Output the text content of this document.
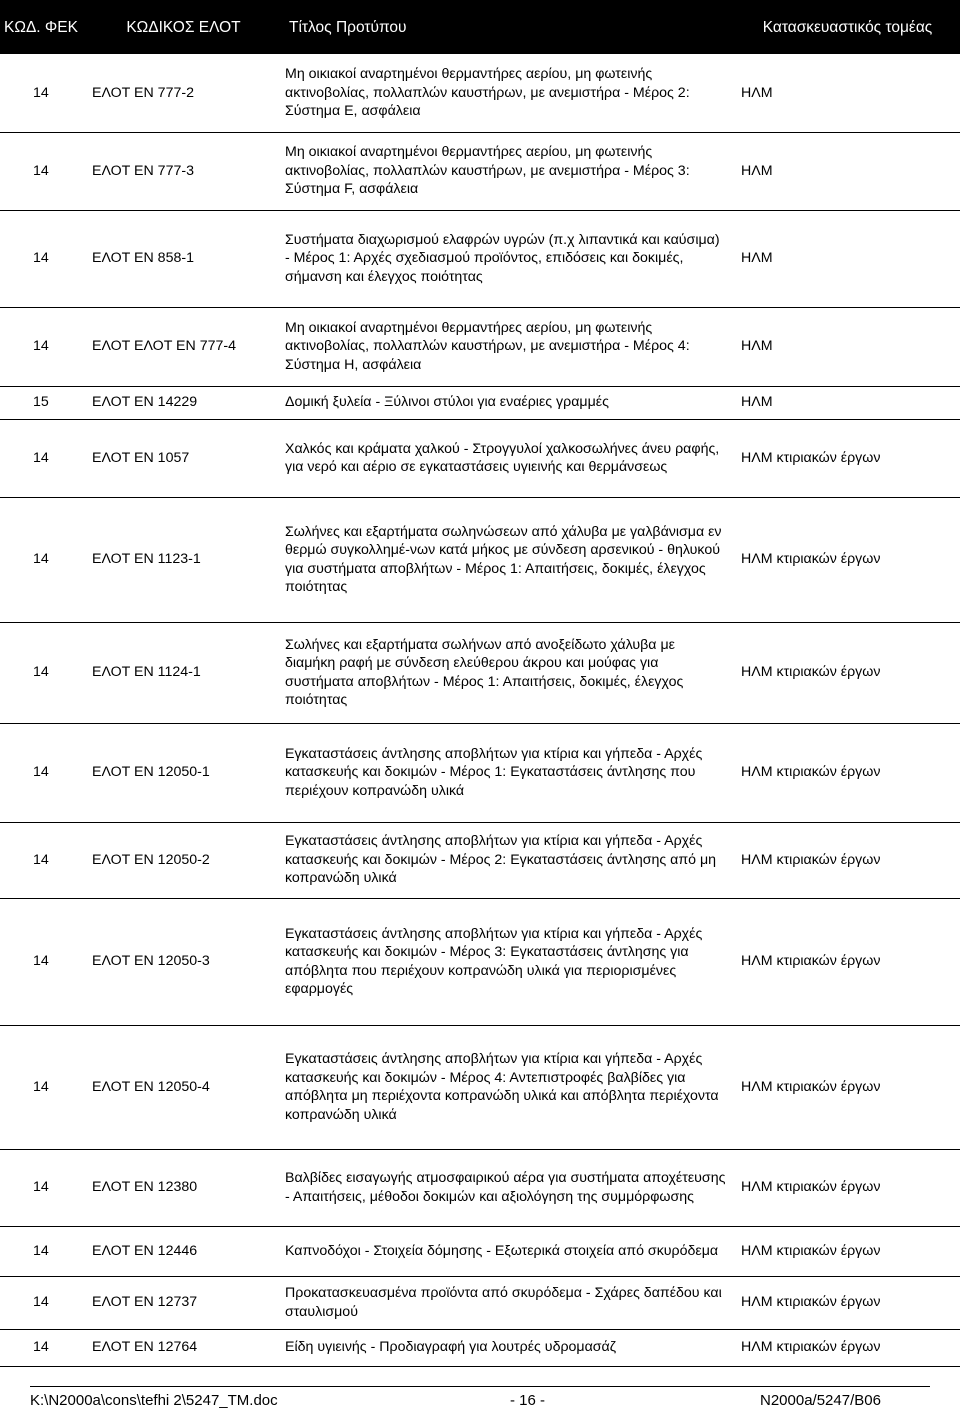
ΚΩΔ. ΦΕΚ	ΚΩΔΙΚΟΣ ΕΛΟΤ	Τίτλος Προτύπου	Κατασκευαστικός τομέας
14	ΕΛΟΤ EN 777-2	Μη οικιακοί αναρτημένοι θερμαντήρες αερίου, μη φωτεινής ακτινοβολίας, πολλαπλών καυστήρων, με ανεμιστήρα - Μέρος 2: Σύστημα Ε, ασφάλεια	ΗΛΜ
14	ΕΛΟΤ EN 777-3	Μη οικιακοί αναρτημένοι θερμαντήρες αερίου, μη φωτεινής ακτινοβολίας, πολλαπλών καυστήρων, με ανεμιστήρα - Μέρος 3: Σύστημα F, ασφάλεια	ΗΛΜ
14	ΕΛΟΤ EN 858-1	Συστήματα διαχωρισμού ελαφρών υγρών (π.χ λιπαντικά και καύσιμα) - Μέρος 1: Αρχές σχεδιασμού προϊόντος, επιδόσεις και δοκιμές, σήμανση και έλεγχος ποιότητας	ΗΛΜ
14	ΕΛΟΤ ΕΛΟΤ EN 777-4	Μη οικιακοί αναρτημένοι θερμαντήρες αερίου, μη φωτεινής ακτινοβολίας, πολλαπλών καυστήρων, με ανεμιστήρα - Μέρος 4: Σύστημα H, ασφάλεια	ΗΛΜ
15	ΕΛΟΤ EN 14229	Δομική ξυλεία - Ξύλινοι στύλοι για εναέριες γραμμές	ΗΛΜ
14	ΕΛΟΤ EN 1057	Χαλκός και κράματα χαλκού - Στρογγυλοί χαλκοσωλήνες άνευ ραφής, για νερό και αέριο σε εγκαταστάσεις υγιεινής και θερμάνσεως	ΗΛΜ κτιριακών έργων
14	ΕΛΟΤ EN 1123-1	Σωλήνες και εξαρτήματα σωληνώσεων από χάλυβα με γαλβάνισμα εν θερμώ συγκολλημέ-νων κατά μήκος με σύνδεση αρσενικού - θηλυκού για συστήματα αποβλήτων - Μέρος 1: Απαιτήσεις, δοκιμές, έλεγχος ποιότητας	ΗΛΜ κτιριακών έργων
14	ΕΛΟΤ EN 1124-1	Σωλήνες και εξαρτήματα σωλήνων από ανοξείδωτο χάλυβα με διαμήκη ραφή με σύνδεση ελεύθερου άκρου και μούφας για συστήματα αποβλήτων - Μέρος 1: Απαιτήσεις, δοκιμές, έλεγχος ποιότητας	ΗΛΜ κτιριακών έργων
14	ΕΛΟΤ EN 12050-1	Εγκαταστάσεις άντλησης αποβλήτων για κτίρια και γήπεδα - Αρχές κατασκευής και δοκιμών - Μέρος 1: Εγκαταστάσεις άντλησης που περιέχουν κοπρανώδη υλικά	ΗΛΜ κτιριακών έργων
14	ΕΛΟΤ EN 12050-2	Εγκαταστάσεις άντλησης αποβλήτων για κτίρια και γήπεδα - Αρχές κατασκευής και δοκιμών - Μέρος 2: Εγκαταστάσεις άντλησης από μη κοπρανώδη υλικά	ΗΛΜ κτιριακών έργων
14	ΕΛΟΤ EN 12050-3	Εγκαταστάσεις άντλησης αποβλήτων για κτίρια και γήπεδα - Αρχές κατασκευής και δοκιμών - Μέρος 3: Εγκαταστάσεις άντλησης για απόβλητα που περιέχουν κοπρανώδη υλικά για περιορισμένες εφαρμογές	ΗΛΜ κτιριακών έργων
14	ΕΛΟΤ EN 12050-4	Εγκαταστάσεις άντλησης αποβλήτων για κτίρια και γήπεδα - Αρχές κατασκευής και δοκιμών - Μέρος 4: Αντεπιστροφές βαλβίδες για απόβλητα μη περιέχοντα κοπρανώδη υλικά και απόβλητα περιέχοντα κοπρανώδη υλικά	ΗΛΜ κτιριακών έργων
14	ΕΛΟΤ EN 12380	Βαλβίδες εισαγωγής ατμοσφαιρικού αέρα για συστήματα αποχέτευσης - Απαιτήσεις, μέθοδοι δοκιμών και αξιολόγηση της συμμόρφωσης	ΗΛΜ κτιριακών έργων
14	ΕΛΟΤ EN 12446	Καπνοδόχοι - Στοιχεία δόμησης - Εξωτερικά στοιχεία από σκυρόδεμα	ΗΛΜ κτιριακών έργων
14	ΕΛΟΤ EN 12737	Προκατασκευασμένα προϊόντα από σκυρόδεμα - Σχάρες δαπέδου και σταυλισμού	ΗΛΜ κτιριακών έργων
14	ΕΛΟΤ EN 12764	Είδη υγιεινής - Προδιαγραφή για λουτρές υδρομασάζ	ΗΛΜ κτιριακών έργων
K:\N2000a\cons\tefhi 2\5247_TM.doc	- 16 -	N2000a/5247/B06
